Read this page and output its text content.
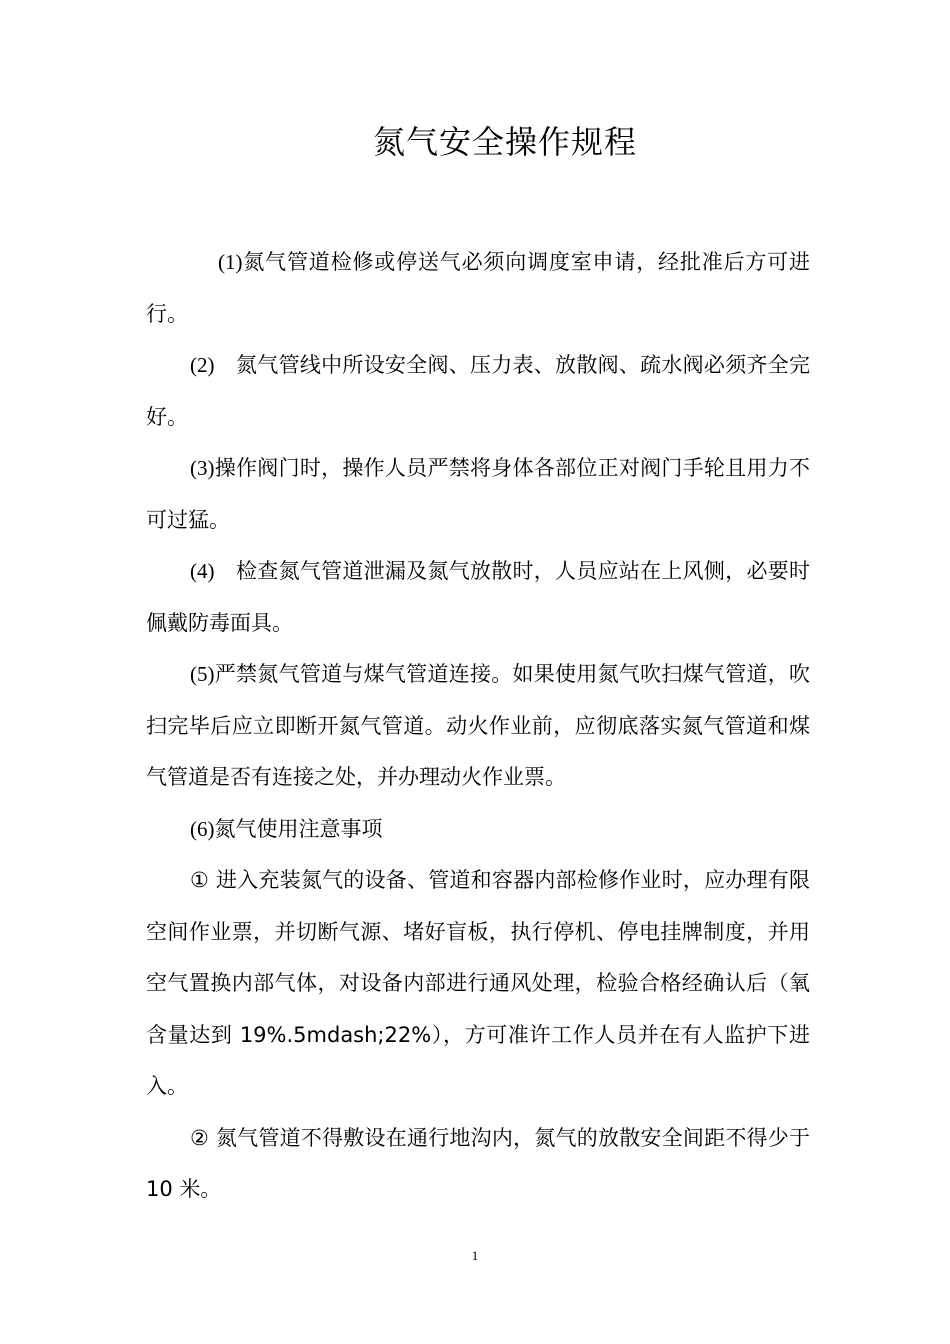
氮气安全操作规程

(1)氮气管道检修或停送气必须向调度室申请，经批准后方可进行。

(2)　氮气管线中所设安全阀、压力表、放散阀、疏水阀必须齐全完好。

(3)操作阀门时，操作人员严禁将身体各部位正对阀门手轮且用力不可过猛。

(4)　检查氮气管道泄漏及氮气放散时，人员应站在上风侧，必要时佩戴防毒面具。

(5)严禁氮气管道与煤气管道连接。如果使用氮气吹扫煤气管道，吹扫完毕后应立即断开氮气管道。动火作业前，应彻底落实氮气管道和煤气管道是否有连接之处，并办理动火作业票。

(6)氮气使用注意事项

① 进入充装氮气的设备、管道和容器内部检修作业时，应办理有限空间作业票，并切断气源、堵好盲板，执行停机、停电挂牌制度，并用空气置换内部气体，对设备内部进行通风处理，检验合格经确认后（氧含量达到 19%.5mdash;22%），方可准许工作人员并在有人监护下进入。

② 氮气管道不得敷设在通行地沟内，氮气的放散安全间距不得少于 10 米。

1
